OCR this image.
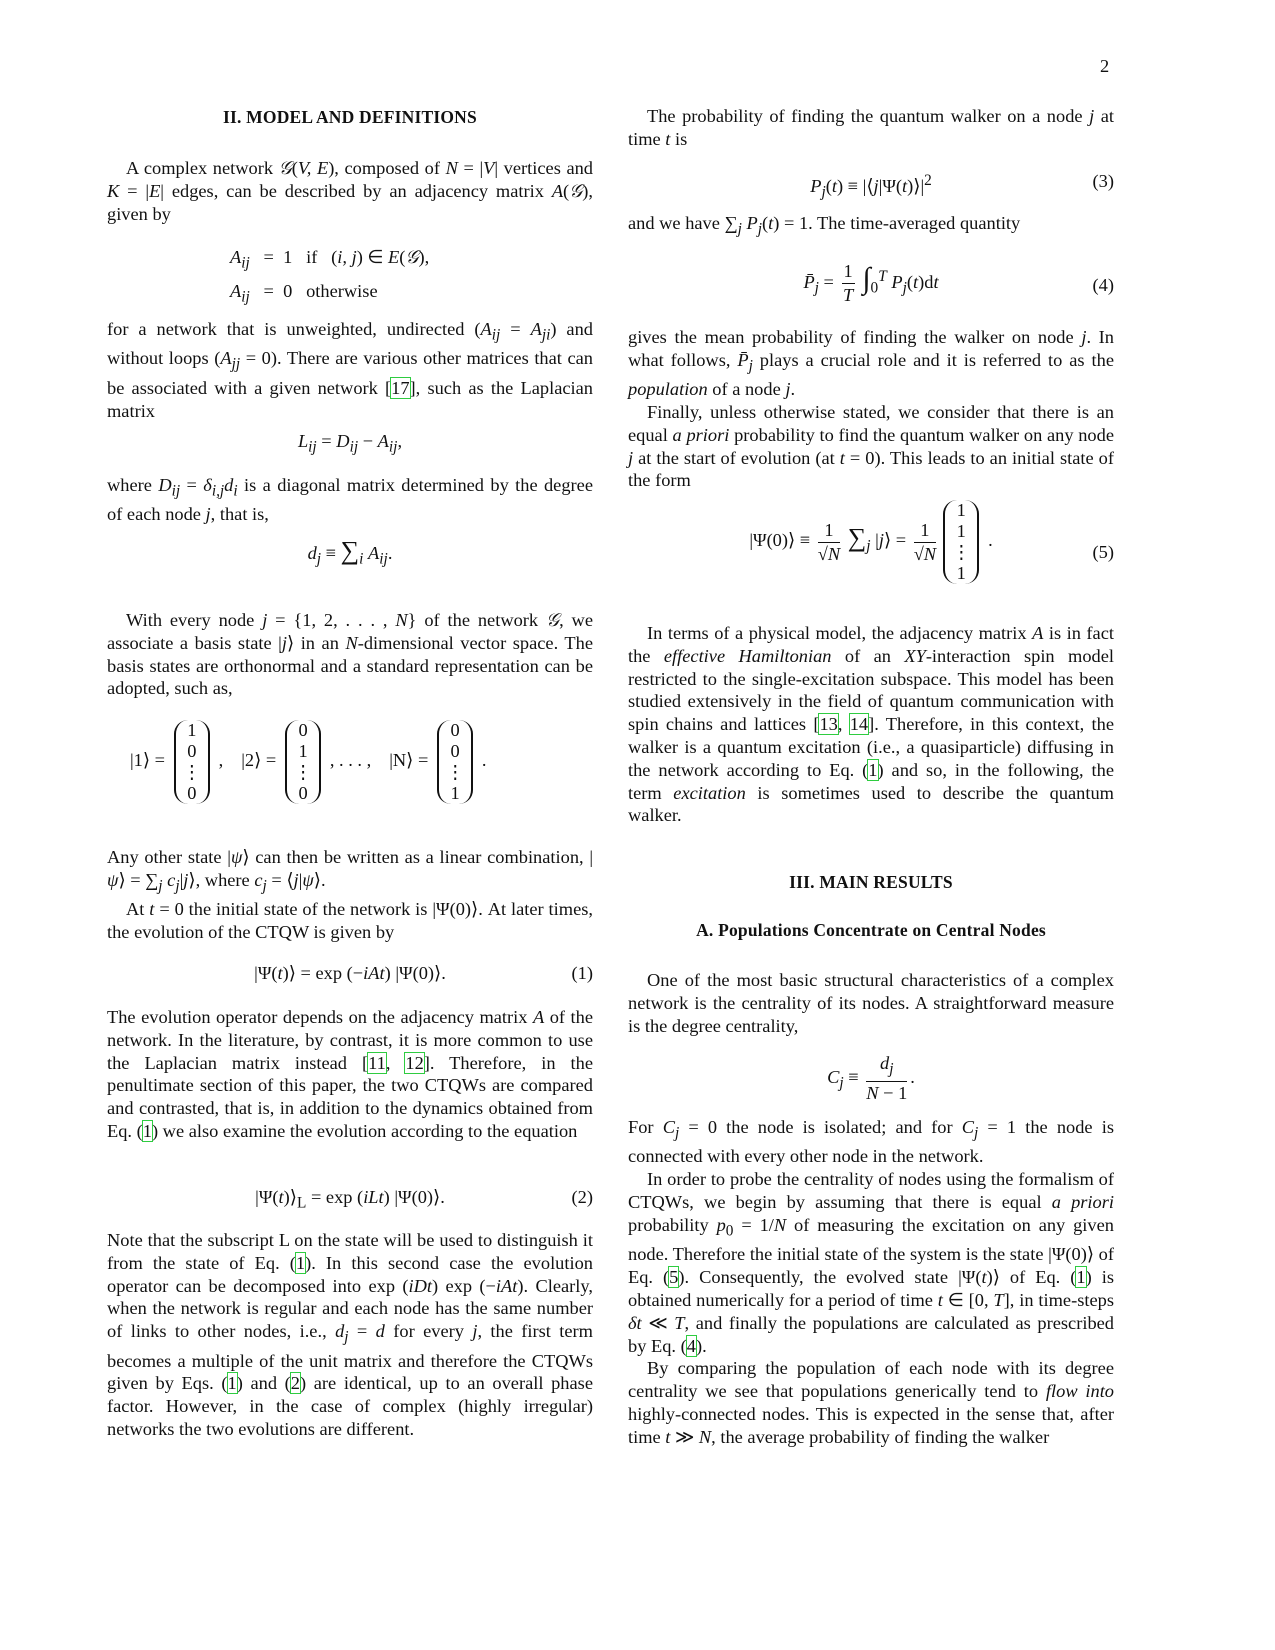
2
II. MODEL AND DEFINITIONS

A complex network 𝒢(V, E), composed of N = |V| vertices and K = |E| edges, can be described by an adjacency matrix A(𝒢), given by

$A_{ij} = 1$   if   (i, j) ∈ E(𝒢),
$A_{ij} = 0$   otherwise

for a network that is unweighted, undirected $(A_{ij} = A_{ji})$ and without loops $(A_{jj} = 0)$. There are various other matrices that can be associated with a given network [17], such as the Laplacian matrix

$L_{ij} = D_{ij} - A_{ij}$,

where $D_{ij} = \delta_{i,j}d_i$ is a diagonal matrix determined by the degree of each node j, that is,

$d_j \equiv \sum_i$ $A_{ij}$.

With every node j = {1, 2, . . . , N} of the network 𝒢, we associate a basis state |j⟩ in an N-dimensional vector space. The basis states are orthonormal and a standard representation can be adopted, such as,

|1⟩ =
1
0
⋮
0
, |2⟩ =
0
1
⋮
0
, . . . , |N⟩ =
0
0
⋮
1
.

Any other state |ψ⟩ can then be written as a linear combination, |ψ⟩ = $\sum_j$ $c_j|j⟩$, where $c_j$ = ⟨j|ψ⟩.

At t = 0 the initial state of the network is |Ψ(0)⟩. At later times, the evolution of the CTQW is given by

|Ψ(t)⟩ = exp (−iAt) |Ψ(0)⟩.	(1)

The evolution operator depends on the adjacency matrix A of the network. In the literature, by contrast, it is more common to use the Laplacian matrix instead [11, 12]. Therefore, in the penultimate section of this paper, the two CTQWs are compared and contrasted, that is, in addition to the dynamics obtained from Eq. (1) we also examine the evolution according to the equation

$|\Psi(t)⟩_L = \exp (iLt)$ |Ψ(0)⟩.	(2)

Note that the subscript L on the state will be used to distinguish it from the state of Eq. (1). In this second case the evolution operator can be decomposed into exp (iDt) exp (−iAt). Clearly, when the network is regular and each node has the same number of links to other nodes, i.e., $d_j = d$ for every j, the first term becomes a multiple of the unit matrix and therefore the CTQWs given by Eqs. (1) and (2) are identical, up to an overall phase factor. However, in the case of complex (highly irregular) networks the two evolutions are different.

The probability of finding the quantum walker on a node j at time t is

$P_j(t)$ ≡ $|⟨j|\Psi(t)⟩|^2$	(3)

and we have $\sum_j$ $P_j(t) = 1$. The time-averaged quantity

$P̄_j = \frac{1}{T} \int_0^T$ $P_j(t)dt$	(4)

gives the mean probability of finding the walker on node j. In what follows, $P̄_j$ plays a crucial role and it is referred to as the population of a node j.

Finally, unless otherwise stated, we consider that there is an equal a priori probability to find the quantum walker on any node j at the start of evolution (at t = 0). This leads to an initial state of the form

|Ψ(0)⟩ ≡ $\frac{1}{√N} \sum_j$ |j⟩ = $\frac{1}{√N}$
1
1
⋮
1
.
(5)

In terms of a physical model, the adjacency matrix A is in fact the effective Hamiltonian of an XY-interaction spin model restricted to the single-excitation subspace. This model has been studied extensively in the field of quantum communication with spin chains and lattices [13, 14]. Therefore, in this context, the walker is a quantum excitation (i.e., a quasiparticle) diffusing in the network according to Eq. (1) and so, in the following, the term excitation is sometimes used to describe the quantum walker.

III. MAIN RESULTS
A. Populations Concentrate on Central Nodes

One of the most basic structural characteristics of a complex network is the centrality of its nodes. A straightforward measure is the degree centrality,

$C_j \equiv \frac{d_j}{N - 1}$ .

For $C_j = 0$ the node is isolated; and for $C_j = 1$ the node is connected with every other node in the network.

In order to probe the centrality of nodes using the formalism of CTQWs, we begin by assuming that there is equal a priori probability $p_0 = 1/N$ of measuring the excitation on any given node. Therefore the initial state of the system is the state |Ψ(0)⟩ of Eq. (5). Consequently, the evolved state |Ψ(t)⟩ of Eq. (1) is obtained numerically for a period of time t ∈ [0, T], in time-steps δt ≪ T, and finally the populations are calculated as prescribed by Eq. (4).

By comparing the population of each node with its degree centrality we see that populations generically tend to flow into highly-connected nodes. This is expected in the sense that, after time t ≫ N, the average probability of finding the walker
